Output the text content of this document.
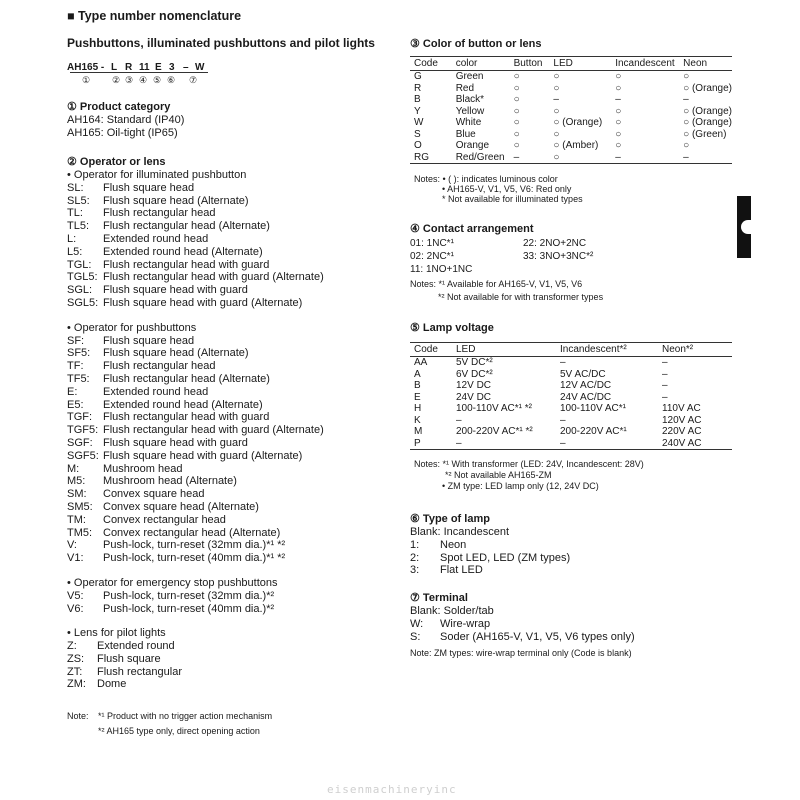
■ Type number nomenclature
Pushbuttons, illuminated pushbuttons and pilot lights
AH165 - L R 11 E 3 – W
① ② ③ ④ ⑤ ⑥ ⑦
① Product category
AH164: Standard (IP40)
AH165: Oil-tight (IP65)
② Operator or lens
• Operator for illuminated pushbutton
SL: Flush square head
SL5: Flush square head (Alternate)
TL: Flush rectangular head
TL5: Flush rectangular head (Alternate)
L: Extended round head
L5: Extended round head (Alternate)
TGL: Flush rectangular head with guard
TGL5: Flush rectangular head with guard (Alternate)
SGL: Flush square head with guard
SGL5: Flush square head with guard (Alternate)
• Operator for pushbuttons
SF: Flush square head
SF5: Flush square head (Alternate)
TF: Flush rectangular head
TF5: Flush rectangular head (Alternate)
E: Extended round head
E5: Extended round head (Alternate)
TGF: Flush rectangular head with guard
TGF5: Flush rectangular head with guard (Alternate)
SGF: Flush square head with guard
SGF5: Flush square head with guard (Alternate)
M: Mushroom head
M5: Mushroom head (Alternate)
SM: Convex square head
SM5: Convex square head (Alternate)
TM: Convex rectangular head
TM5: Convex rectangular head (Alternate)
V: Push-lock, turn-reset (32mm dia.)*¹ *²
V1: Push-lock, turn-reset (40mm dia.)*¹ *²
• Operator for emergency stop pushbuttons
V5: Push-lock, turn-reset (32mm dia.)*²
V6: Push-lock, turn-reset (40mm dia.)*²
• Lens for pilot lights
Z: Extended round
ZS: Flush square
ZT: Flush rectangular
ZM: Dome
Note: *¹ Product with no trigger action mechanism
*² AH165 type only, direct opening action
③ Color of button or lens
Code	color	Button	LED	Incandescent	Neon
G	Green	○	○	○	○
R	Red	○	○	○	○ (Orange)
B	Black*	○	–	–	–
Y	Yellow	○	○	○	○ (Orange)
W	White	○	○ (Orange)	○	○ (Orange)
S	Blue	○	○	○	○ (Green)
O	Orange	○	○ (Amber)	○	○
RG	Red/Green	–	○	–	–
Notes: • ( ): indicates luminous color
• AH165-V, V1, V5, V6: Red only
* Not available for illuminated types
④ Contact arrangement
01: 1NC*¹
02: 2NC*¹
11: 1NO+1NC
22: 2NO+2NC
33: 3NO+3NC*²
Notes: *¹ Available for AH165-V, V1, V5, V6
*² Not available for with transformer types
⑤ Lamp voltage
Code	LED	Incandescent*²	Neon*²
AA	5V DC*²	–	–
A	6V DC*²	5V AC/DC	–
B	12V DC	12V AC/DC	–
E	24V DC	24V AC/DC	–
H	100-110V AC*¹ *²	100-110V AC*¹	110V AC
K	–	–	120V AC
M	200-220V AC*¹ *²	200-220V AC*¹	220V AC
P	–	–	240V AC
Notes: *¹ With transformer (LED: 24V, Incandescent: 28V)
*² Not available AH165-ZM
• ZM type: LED lamp only (12, 24V DC)
⑥ Type of lamp
Blank: Incandescent
1: Neon
2: Spot LED, LED (ZM types)
3: Flat LED
⑦ Terminal
Blank: Solder/tab
W: Wire-wrap
S: Soder (AH165-V, V1, V5, V6 types only)
Note: ZM types: wire-wrap terminal only (Code is blank)
eisenmachineryinc
